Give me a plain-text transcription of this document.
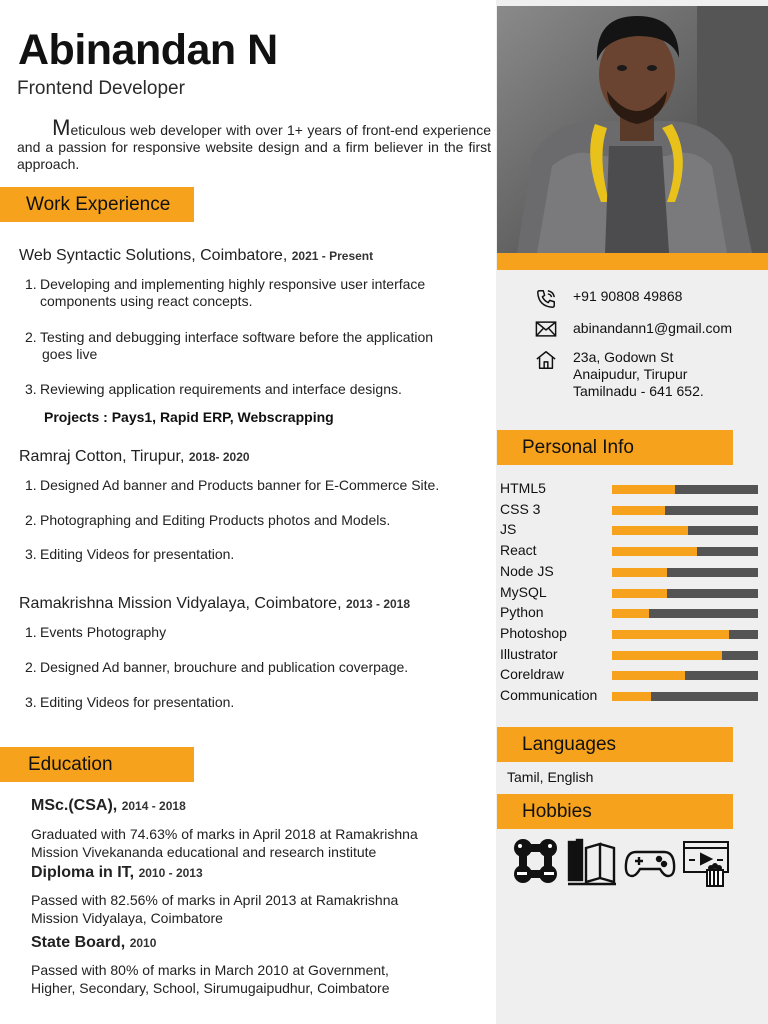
Abinandan N
Frontend Developer

Meticulous web developer with over 1+ years of front-end experience and a passion for responsive website design and a firm believer in the first approach.

Work Experience
Web Syntactic Solutions, Coimbatore, 2021 - Present
1. Developing and implementing highly responsive user interface
components using react concepts.
2. Testing and debugging interface software before the application
goes live
3. Reviewing application requirements and interface designs.
Projects : Pays1, Rapid ERP, Webscrapping
Ramraj Cotton, Tirupur, 2018- 2020
1. Designed Ad banner and Products banner for E-Commerce Site.
2. Photographing and Editing Products photos and Models.
3. Editing Videos for presentation.
Ramakrishna Mission Vidyalaya, Coimbatore, 2013 - 2018
1. Events Photography
2. Designed Ad banner, brouchure and publication coverpage.
3. Editing Videos for presentation.
Education
MSc.(CSA), 2014 - 2018
Graduated with 74.63% of marks in April 2018 at Ramakrishna Mission Vivekananda educational and research institute
Diploma in IT, 2010 - 2013
Passed with 82.56% of marks in April 2013 at Ramakrishna Mission Vidyalaya, Coimbatore
State Board, 2010
Passed with 80% of marks in March 2010 at Government, Higher, Secondary, School, Sirumugaipudhur, Coimbatore
+91 90808 49868
abinandann1@gmail.com
23a, Godown St
Anaipudur, Tirupur
Tamilnadu - 641 652.
Personal Info
HTML5
CSS 3
JS
React
Node JS
MySQL
Python
Photoshop
Illustrator
Coreldraw
Communication
Languages
Tamil, English
Hobbies
